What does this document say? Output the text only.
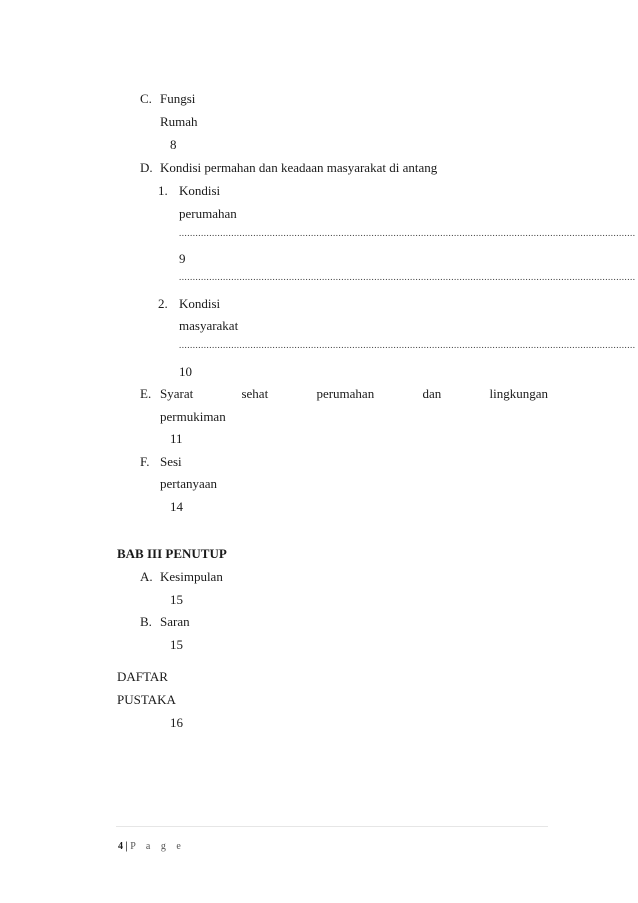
C. Fungsi
Rumah
8
D. Kondisi permahan dan keadaan masyarakat di antang
1. Kondisi
perumahan
......................................................................................................................................................................
9
......................................................................................................................................................................
2. Kondisi
masyarakat
......................................................................................................................................................................
10
E. Syarat	sehat	perumahan	dan	lingkungan
permukiman
11
F. Sesi
pertanyaan
14
BAB III PENUTUP
A. Kesimpulan
15
B. Saran
15
DAFTAR
PUSTAKA
16
4 | P a g e
